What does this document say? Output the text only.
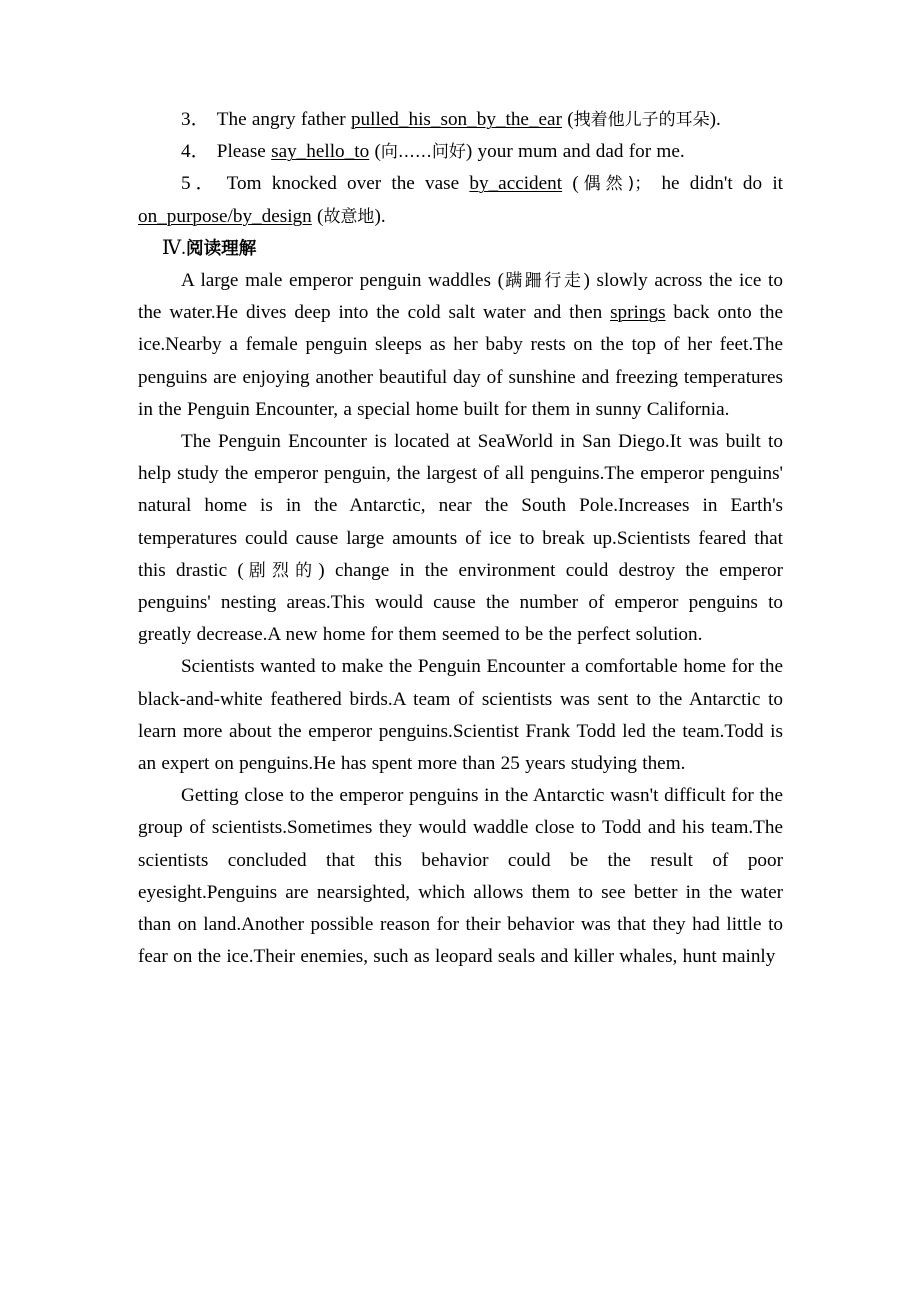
3． The angry father pulled_his_son_by_the_ear (拽着他儿子的耳朵).

4． Please say_hello_to (向……问好) your mum and dad for me.

5． Tom knocked over the vase by_accident (偶然)； he didn't do it on_purpose/by_design (故意地).

Ⅳ.阅读理解

A large male emperor penguin waddles (蹒跚行走) slowly across the ice to the water.He dives deep into the cold salt water and then springs back onto the ice.Nearby a female penguin sleeps as her baby rests on the top of her feet.The penguins are enjoying another beautiful day of sunshine and freezing temperatures in the Penguin Encounter, a special home built for them in sunny California.

The Penguin Encounter is located at SeaWorld in San Diego.It was built to help study the emperor penguin, the largest of all penguins.The emperor penguins' natural home is in the Antarctic, near the South Pole.Increases in Earth's temperatures could cause large amounts of ice to break up.Scientists feared that this drastic (剧烈的) change in the environment could destroy the emperor penguins' nesting areas.This would cause the number of emperor penguins to greatly decrease.A new home for them seemed to be the perfect solution.

Scientists wanted to make the Penguin Encounter a comfortable home for the black-and-white feathered birds.A team of scientists was sent to the Antarctic to learn more about the emperor penguins.Scientist Frank Todd led the team.Todd is an expert on penguins.He has spent more than 25 years studying them.

Getting close to the emperor penguins in the Antarctic wasn't difficult for the group of scientists.Sometimes they would waddle close to Todd and his team.The scientists concluded that this behavior could be the result of poor eyesight.Penguins are nearsighted, which allows them to see better in the water than on land.Another possible reason for their behavior was that they had little to fear on the ice.Their enemies, such as leopard seals and killer whales, hunt mainly
